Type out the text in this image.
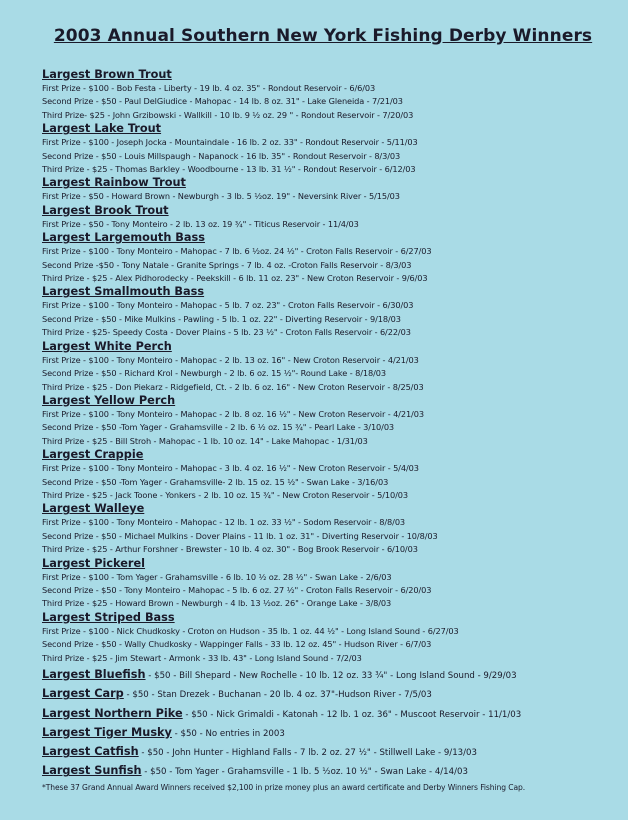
2003 Annual Southern New York Fishing Derby Winners
Largest Brown Trout
First Prize - $100 - Bob Festa - Liberty - 19 lb. 4 oz. 35" - Rondout Reservoir - 6/6/03
Second Prize - $50 - Paul DelGiudice - Mahopac - 14 lb. 8 oz. 31" - Lake Gleneida - 7/21/03
Third Prize- $25 - John Grzibowski - Wallkill - 10 lb. 9 ½ oz. 29 " - Rondout Reservoir - 7/20/03
Largest Lake Trout
First Prize - $100 - Joseph Jocka - Mountaindale - 16 lb. 2 oz. 33" - Rondout Reservoir - 5/11/03
Second Prize - $50 - Louis Millspaugh - Napanock - 16 lb. 35" - Rondout Reservoir - 8/3/03
Third Prize - $25 - Thomas Barkley - Woodbourne - 13 lb. 31 ½" - Rondout Reservoir - 6/12/03
Largest Rainbow Trout
First Prize - $50 - Howard Brown - Newburgh - 3 lb. 5 ½oz. 19" - Neversink River - 5/15/03
Largest Brook Trout
First Prize - $50 - Tony Monteiro - 2 lb. 13 oz. 19 ¾" - Titicus Reservoir - 11/4/03
Largest Largemouth Bass
First Prize - $100 - Tony Monteiro - Mahopac - 7 lb. 6 ½oz. 24 ½" - Croton Falls Reservoir - 6/27/03
Second Prize -$50 - Tony Natale - Granite Springs - 7 lb. 4 oz. -Croton Falls Reservoir - 8/3/03
Third Prize - $25 - Alex Pidhorodecky - Peekskill - 6 lb. 11 oz. 23" - New Croton Reservoir - 9/6/03
Largest Smallmouth Bass
First Prize - $100 - Tony Monteiro - Mahopac - 5 lb. 7 oz. 23" - Croton Falls Reservoir - 6/30/03
Second Prize - $50 - Mike Mulkins - Pawling - 5 lb. 1 oz. 22" - Diverting Reservoir - 9/18/03
Third Prize - $25- Speedy Costa - Dover Plains - 5 lb. 23 ½" - Croton Falls Reservoir - 6/22/03
Largest White Perch
First Prize - $100 - Tony Monteiro - Mahopac - 2 lb. 13 oz. 16" - New Croton Reservoir - 4/21/03
Second Prize - $50 - Richard Krol - Newburgh - 2 lb. 6 oz. 15 ½"- Round Lake - 8/18/03
Third Prize - $25 - Don Piekarz - Ridgefield, Ct. - 2 lb. 6 oz. 16" - New Croton Reservoir - 8/25/03
Largest Yellow Perch
First Prize - $100 - Tony Monteiro - Mahopac - 2 lb. 8 oz. 16 ½" - New Croton Reservoir - 4/21/03
Second Prize - $50 -Tom Yager - Grahamsville - 2 lb. 6 ½ oz. 15 ¾" - Pearl Lake - 3/10/03
Third Prize - $25 - Bill Stroh - Mahopac - 1 lb. 10 oz. 14" - Lake Mahopac - 1/31/03
Largest Crappie
First Prize - $100 - Tony Monteiro - Mahopac - 3 lb. 4 oz. 16 ½" - New Croton Reservoir - 5/4/03
Second Prize - $50 -Tom Yager - Grahamsville- 2 lb. 15 oz. 15 ½" - Swan Lake - 3/16/03
Third Prize - $25 - Jack Toone - Yonkers - 2 lb. 10 oz. 15 ¾" - New Croton Reservoir - 5/10/03
Largest Walleye
First Prize - $100 - Tony Monteiro - Mahopac - 12 lb. 1 oz. 33 ½" - Sodom Reservoir - 8/8/03
Second Prize - $50 - Michael Mulkins - Dover Plains - 11 lb. 1 oz. 31" - Diverting Reservoir - 10/8/03
Third Prize - $25 - Arthur Forshner - Brewster - 10 lb. 4 oz. 30" - Bog Brook Reservoir - 6/10/03
Largest Pickerel
First Prize - $100 - Tom Yager - Grahamsville - 6 lb. 10 ½ oz. 28 ½" - Swan Lake - 2/6/03
Second Prize - $50 - Tony Monteiro - Mahopac - 5 lb. 6 oz. 27 ½" - Croton Falls Reservoir - 6/20/03
Third Prize - $25 - Howard Brown - Newburgh - 4 lb. 13 ½oz. 26" - Orange Lake - 3/8/03
Largest Striped Bass
First Prize - $100 - Nick Chudkosky - Croton on Hudson - 35 lb. 1 oz. 44 ½" - Long Island Sound - 6/27/03
Second Prize - $50 - Wally Chudkosky - Wappinger Falls - 33 lb. 12 oz. 45" - Hudson River - 6/7/03
Third Prize - $25 - Jim Stewart - Armonk - 33 lb. 43" - Long Island Sound - 7/2/03
Largest Bluefish - $50 - Bill Shepard - New Rochelle - 10 lb. 12 oz. 33 ¾" - Long Island Sound - 9/29/03
Largest Carp - $50 - Stan Drezek - Buchanan - 20 lb. 4 oz. 37"-Hudson River - 7/5/03
Largest Northern Pike - $50 - Nick Grimaldi - Katonah - 12 lb. 1 oz. 36" - Muscoot Reservoir - 11/1/03
Largest Tiger Musky - $50 - No entries in 2003
Largest Catfish - $50 - John Hunter - Highland Falls - 7 lb. 2 oz. 27 ½" - Stillwell Lake - 9/13/03
Largest Sunfish - $50 - Tom Yager - Grahamsville - 1 lb. 5 ½oz. 10 ½" - Swan Lake - 4/14/03
*These 37 Grand Annual Award Winners received $2,100 in prize money plus an award certificate and Derby Winners Fishing Cap.
